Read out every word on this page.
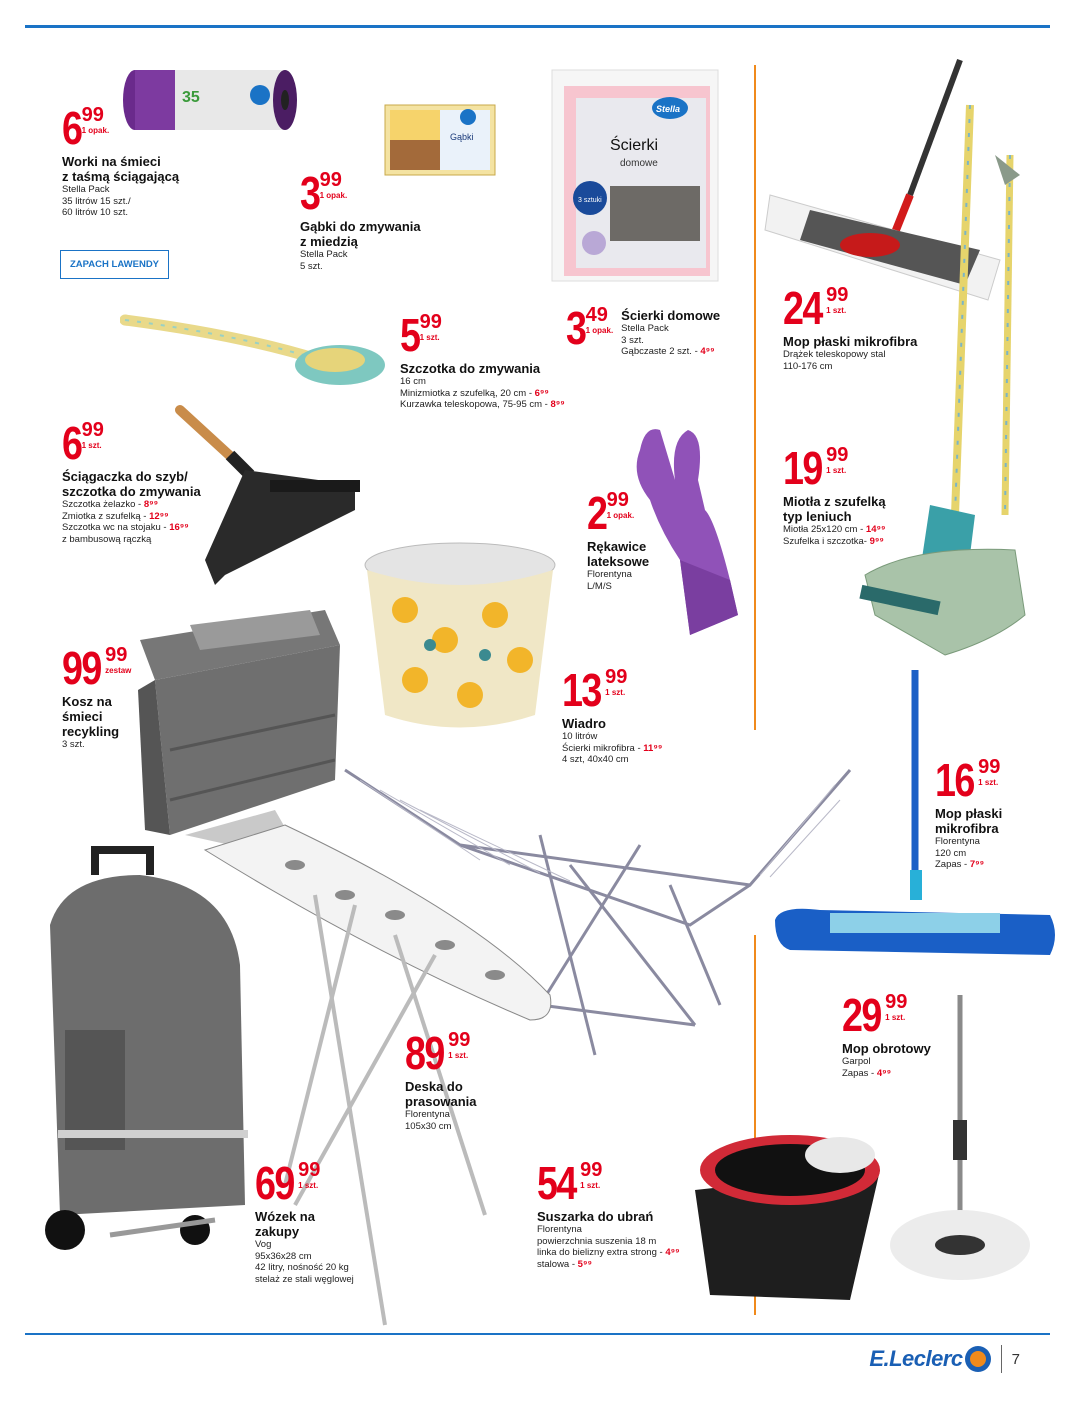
35
Gąbki
Stella
Ścierki
domowe
3 sztuki
6 99
1 opak.
Worki na śmieci
z taśmą ściągającą
Stella Pack
35 litrów 15 szt./
60 litrów 10 szt.
ZAPACH LAWENDY
3 99
1 opak.
Gąbki do zmywania
z miedzią
Stella Pack
5 szt.
3 49
1 opak.
Ścierki domowe
Stella Pack
3 szt.
Gąbczaste 2 szt. - 4⁹⁹
24 99
1 szt.
Mop płaski mikrofibra
Drążek teleskopowy stal
110-176 cm
5 99
1 szt.
Szczotka do zmywania
16 cm
Minizmiotka z szufelką, 20 cm - 6⁹⁹
Kurzawka teleskopowa, 75-95 cm - 8⁹⁹
6 99
1 szt.
Ściągaczka do szyb/
szczotka do zmywania
Szczotka żelazko - 8⁹⁹
Zmiotka z szufelką - 12⁹⁹
Szczotka wc na stojaku - 16⁹⁹
z bambusową rączką	2 99
1 opak.
Rękawice
lateksowe
Florentyna
L/M/S
19 99
1 szt.
Miotła z szufelką
typ leniuch
Miotła 25x120 cm - 14⁹⁹
Szufelka i szczotka- 9⁹⁹
99 99
zestaw
Kosz na
śmieci
recykling
3 szt.
13 99
1 szt.
Wiadro
10 litrów
Ścierki mikrofibra - 11⁹⁹
4 szt, 40x40 cm	16 99
1 szt.
Mop płaski
mikrofibra
Florentyna
120 cm
Zapas - 7⁹⁹
29 99
1 szt.
Mop obrotowy
Garpol
Zapas - 4⁹⁹
89 99
1 szt.
Deska do
prasowania
Florentyna
105x30 cm
69 99
1 szt.
Wózek na
zakupy
Vog
95x36x28 cm
42 litry, nośność 20 kg
stelaż ze stali węglowej
54 99
1 szt.
Suszarka do ubrań
Florentyna
powierzchnia suszenia 18 m
linka do bielizny extra strong - 4⁹⁹
stalowa - 5⁹⁹
E.Leclerc	7
